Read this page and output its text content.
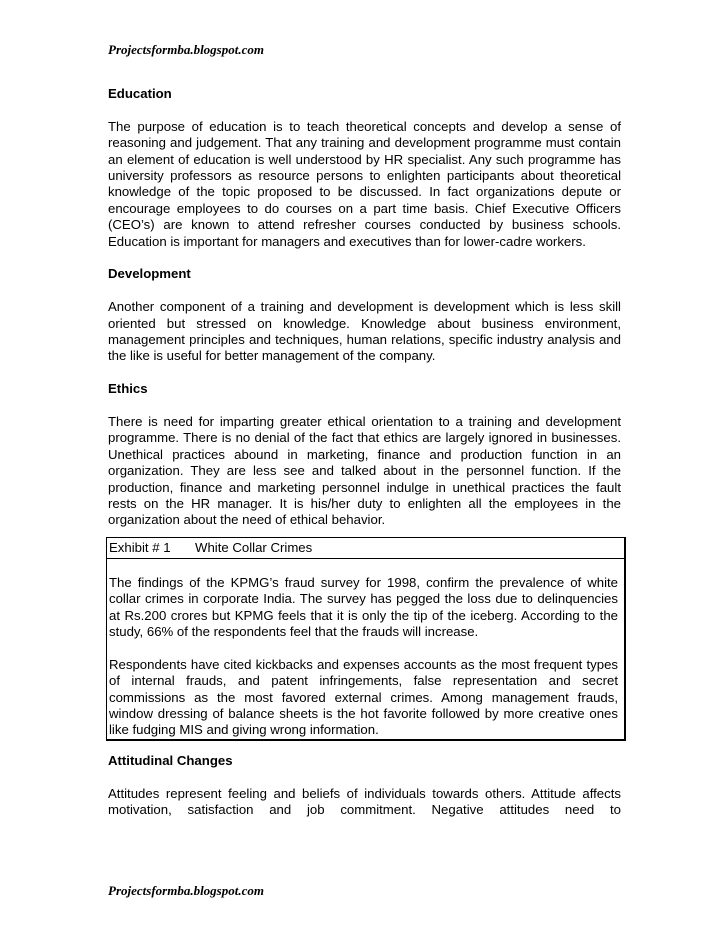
Projectsformba.blogspot.com
Education

The purpose of education is to teach theoretical concepts and develop a sense of reasoning and judgement. That any training and development programme must contain an element of education is well understood by HR specialist. Any such programme has university professors as resource persons to enlighten participants about theoretical knowledge of the topic proposed to be discussed. In fact organizations depute or encourage employees to do courses on a part time basis. Chief Executive Officers (CEO’s) are known to attend refresher courses conducted by business schools. Education is important for managers and executives than for lower-cadre workers.

Development

Another component of a training and development is development which is less skill oriented but stressed on knowledge. Knowledge about business environment, management principles and techniques, human relations, specific industry analysis and the like is useful for better management of the company.

Ethics

There is need for imparting greater ethical orientation to a training and development programme. There is no denial of the fact that ethics are largely ignored in businesses. Unethical practices abound in marketing, finance and production function in an organization. They are less see and talked about in the personnel function. If the production, finance and marketing personnel indulge in unethical practices the fault rests on the HR manager. It is his/her duty to enlighten all the employees in the organization about the need of ethical behavior.

Exhibit # 1 White Collar Crimes

The findings of the KPMG’s fraud survey for 1998, confirm the prevalence of white collar crimes in corporate India. The survey has pegged the loss due to delinquencies at Rs.200 crores but KPMG feels that it is only the tip of the iceberg. According to the study, 66% of the respondents feel that the frauds will increase.

Respondents have cited kickbacks and expenses accounts as the most frequent types of internal frauds, and patent infringements, false representation and secret commissions as the most favored external crimes. Among management frauds, window dressing of balance sheets is the hot favorite followed by more creative ones like fudging MIS and giving wrong information.

Attitudinal Changes

Attitudes represent feeling and beliefs of individuals towards others. Attitude affects motivation, satisfaction and job commitment. Negative attitudes need to

Projectsformba.blogspot.com
